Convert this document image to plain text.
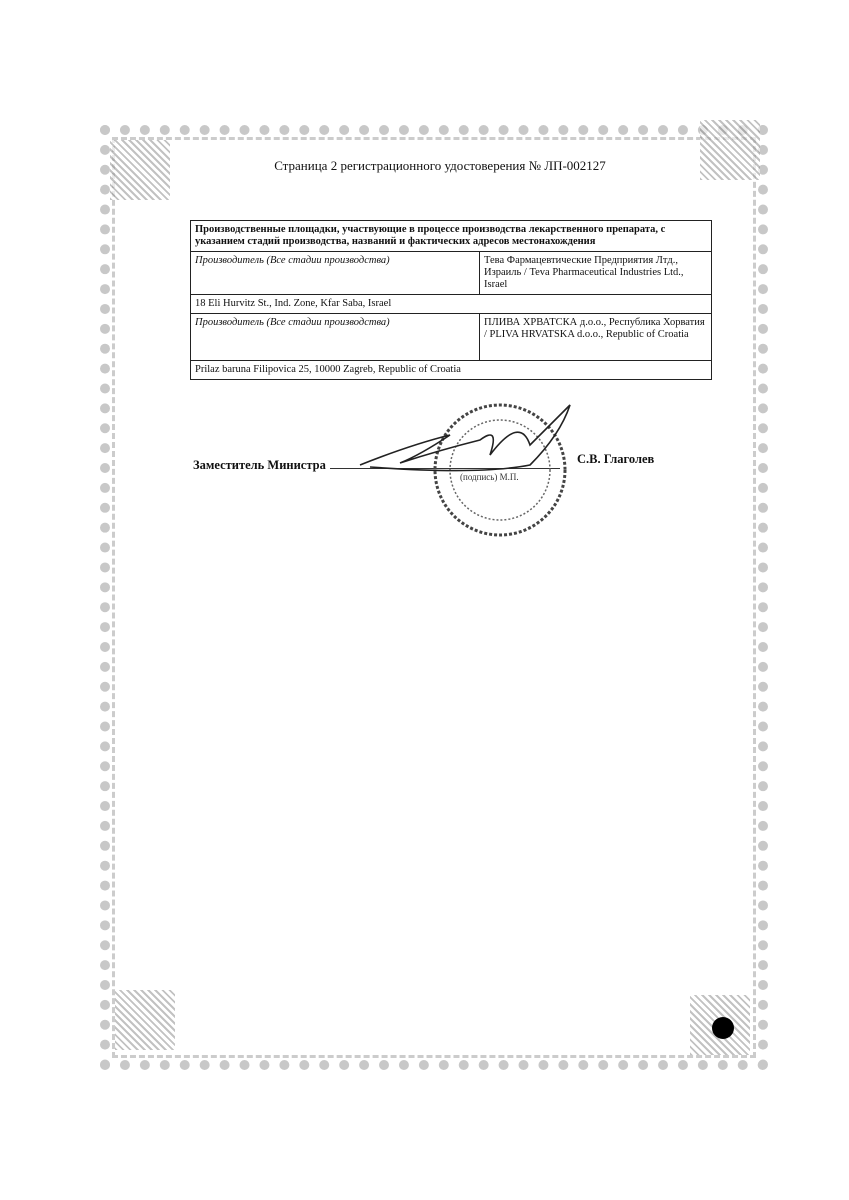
Страница 2 регистрационного удостоверения № ЛП-002127
Производственные площадки, участвующие в процессе производства лекарственного препарата, с указанием стадий производства, названий и фактических адресов местонахождения	
Производитель (Все стадии производства)	Тева Фармацевтические Предприятия Лтд., Израиль / Teva Pharmaceutical Industries Ltd., Israel
18 Eli Hurvitz St., Ind. Zone, Kfar Saba, Israel	
Производитель (Все стадии производства)	ПЛИВА ХРВАТСКА д.о.о., Республика Хорватия / PLIVA HRVATSKA d.o.o., Republic of Croatia
Prilaz baruna Filipovica 25, 10000 Zagreb, Republic of Croatia	
Заместитель Министра
(подпись) М.П.
С.В. Глаголев
